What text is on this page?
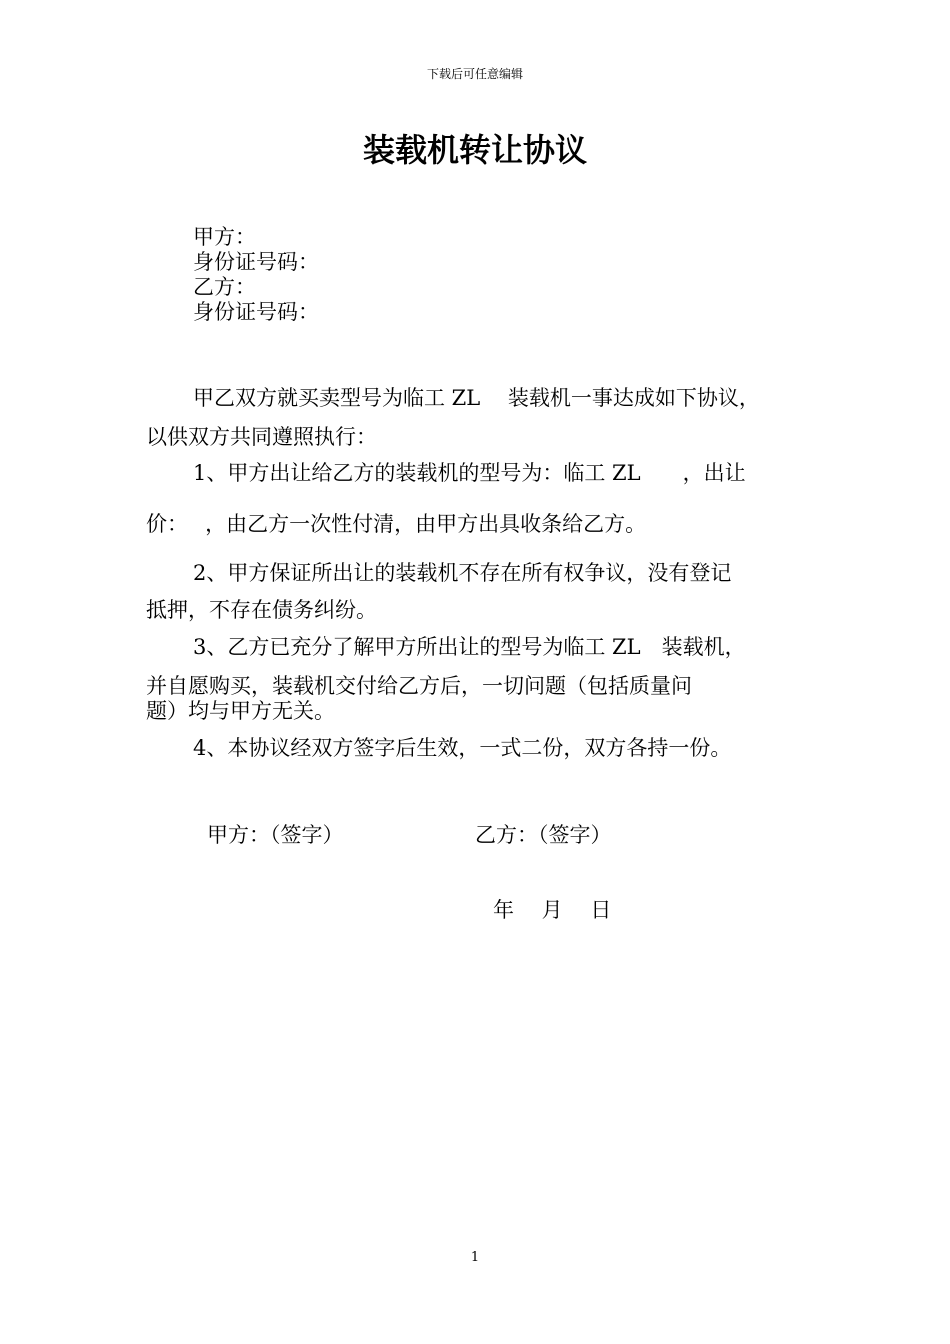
下载后可任意编辑
装载机转让协议
甲方：
身份证号码：
乙方：
身份证号码：
甲乙双方就买卖型号为临工 ZL　 装载机一事达成如下协议，
以供双方共同遵照执行：
1、甲方出让给乙方的装载机的型号为：临工 ZL　　，出让
价：　 ，由乙方一次性付清，由甲方出具收条给乙方。
2、甲方保证所出让的装载机不存在所有权争议，没有登记
抵押，不存在债务纠纷。
3、乙方已充分了解甲方所出让的型号为临工 ZL　装载机，
并自愿购买，装载机交付给乙方后，一切问题（包括质量问
题）均与甲方无关。
4、本协议经双方签字后生效，一式二份，双方各持一份。
甲方：（签字）	乙方：（签字）
年　 月　 日
1
